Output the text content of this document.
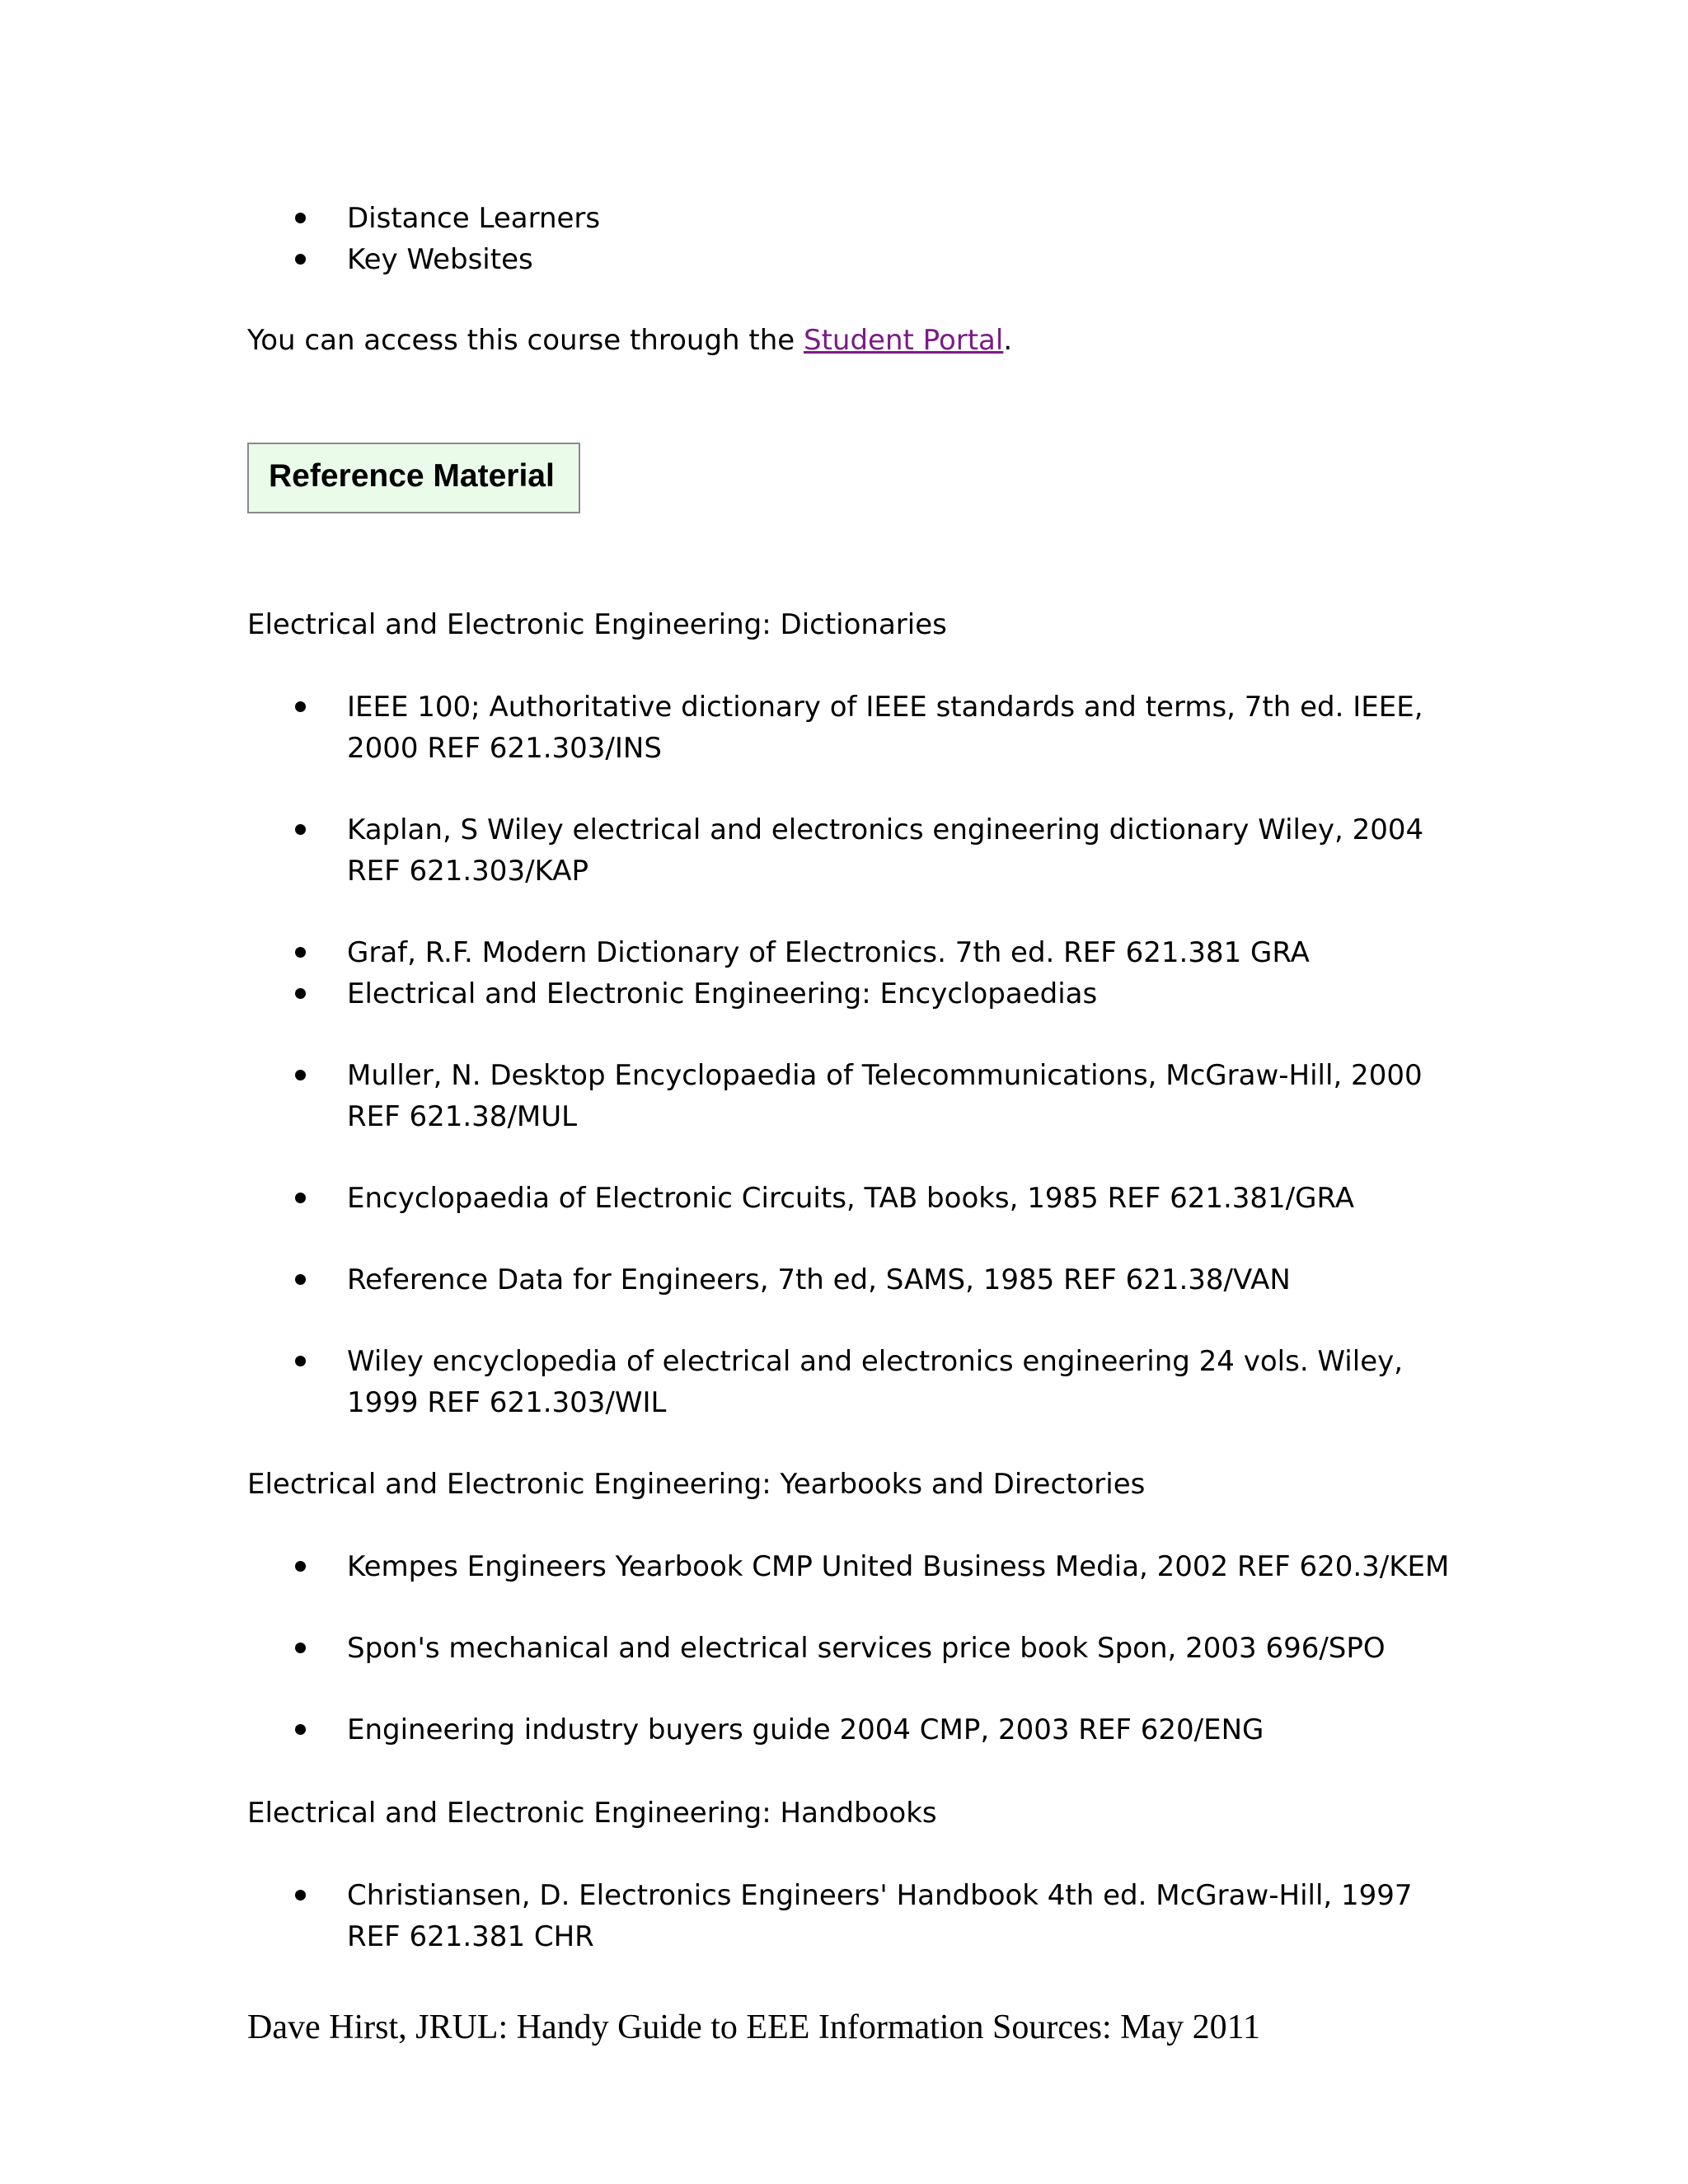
Distance Learners
Key Websites

You can access this course through the Student Portal.

Reference Material

Electrical and Electronic Engineering: Dictionaries

IEEE 100; Authoritative dictionary of IEEE standards and terms, 7th ed. IEEE, 2000 REF 621.303/INS
Kaplan, S Wiley electrical and electronics engineering dictionary Wiley, 2004 REF 621.303/KAP
Graf, R.F. Modern Dictionary of Electronics. 7th ed. REF 621.381 GRA
Electrical and Electronic Engineering: Encyclopaedias
Muller, N. Desktop Encyclopaedia of Telecommunications, McGraw-Hill, 2000 REF 621.38/MUL
Encyclopaedia of Electronic Circuits, TAB books, 1985 REF 621.381/GRA
Reference Data for Engineers, 7th ed, SAMS, 1985 REF 621.38/VAN
Wiley encyclopedia of electrical and electronics engineering 24 vols. Wiley, 1999 REF 621.303/WIL

Electrical and Electronic Engineering: Yearbooks and Directories

Kempes Engineers Yearbook CMP United Business Media, 2002 REF 620.3/KEM
Spon's mechanical and electrical services price book Spon, 2003 696/SPO
Engineering industry buyers guide 2004 CMP, 2003 REF 620/ENG

Electrical and Electronic Engineering: Handbooks

Christiansen, D. Electronics Engineers' Handbook 4th ed. McGraw-Hill, 1997 REF 621.381 CHR
Dave Hirst, JRUL: Handy Guide to EEE Information Sources: May 2011
